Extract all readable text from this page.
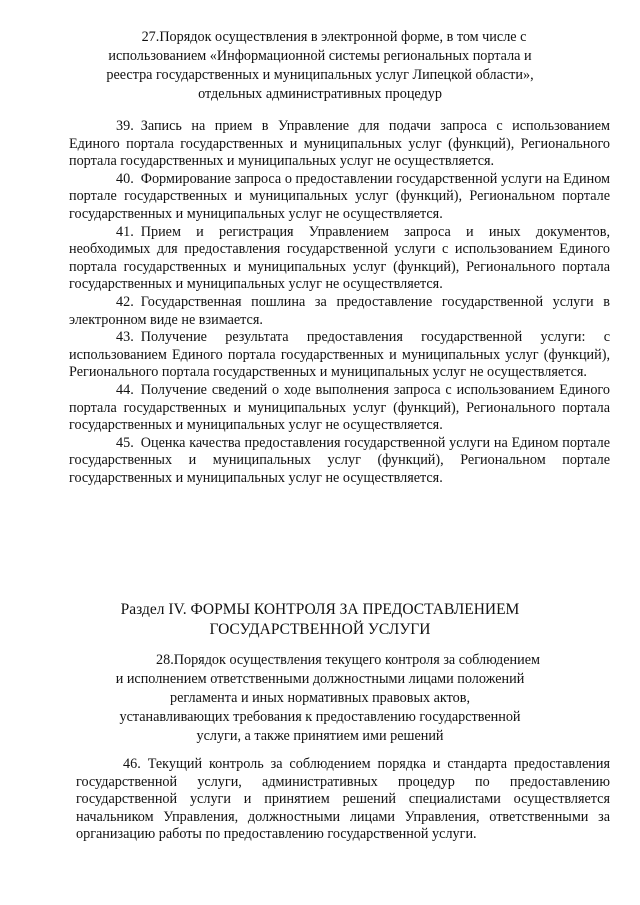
27.Порядок осуществления в электронной форме, в том числе с
использованием «Информационной системы региональных портала и
реестра государственных и муниципальных услуг Липецкой области»,
отдельных административных процедур

39. Запись на прием в Управление для подачи запроса с использованием Единого портала государственных и муниципальных услуг (функций), Регионального портала государственных и муниципальных услуг не осуществляется.

40. Формирование запроса о предоставлении государственной услуги на Едином портале государственных и муниципальных услуг (функций), Региональном портале государственных и муниципальных услуг не осуществляется.

41. Прием и регистрация Управлением запроса и иных документов, необходимых для предоставления государственной услуги с использованием Единого портала государственных и муниципальных услуг (функций), Регионального портала государственных и муниципальных услуг не осуществляется.

42. Государственная пошлина за предоставление государственной услуги в электронном виде не взимается.

43. Получение результата предоставления государственной услуги: с использованием Единого портала государственных и муниципальных услуг (функций), Регионального портала государственных и муниципальных услуг не осуществляется.

44. Получение сведений о ходе выполнения запроса с использованием Единого портала государственных и муниципальных услуг (функций), Регионального портала государственных и муниципальных услуг не осуществляется.

45. Оценка качества предоставления государственной услуги на Едином портале государственных и муниципальных услуг (функций), Региональном портале государственных и муниципальных услуг не осуществляется.

Раздел IV. ФОРМЫ КОНТРОЛЯ ЗА ПРЕДОСТАВЛЕНИЕМ
ГОСУДАРСТВЕННОЙ УСЛУГИ
28.Порядок осуществления текущего контроля за соблюдением
и исполнением ответственными должностными лицами положений
регламента и иных нормативных правовых актов,
устанавливающих требования к предоставлению государственной
услуги, а также принятием ими решений

46. Текущий контроль за соблюдением порядка и стандарта предоставления государственной услуги, административных процедур по предоставлению государственной услуги и принятием решений специалистами осуществляется начальником Управления, должностными лицами Управления, ответственными за организацию работы по предоставлению государственной услуги.
